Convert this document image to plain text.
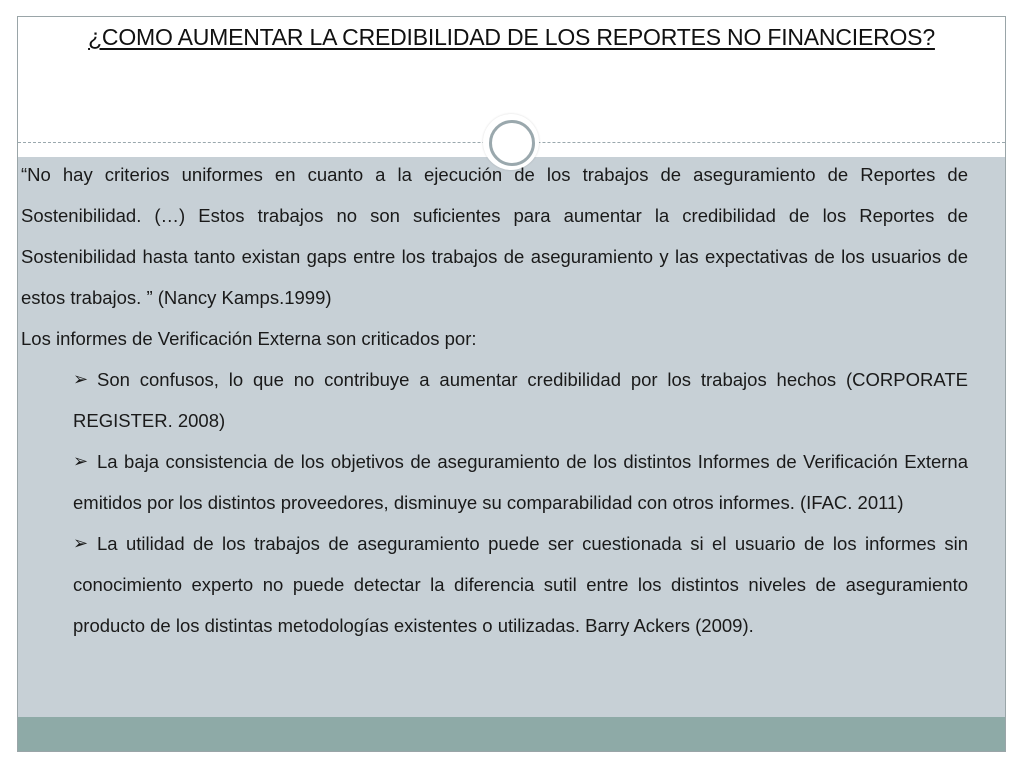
¿COMO AUMENTAR LA CREDIBILIDAD DE LOS REPORTES NO FINANCIEROS?

“No hay criterios uniformes en cuanto a la ejecución de los trabajos de aseguramiento de Reportes de Sostenibilidad. (…) Estos trabajos no son suficientes para aumentar la credibilidad de los Reportes de Sostenibilidad hasta tanto existan gaps entre los trabajos de aseguramiento y las expectativas de los usuarios de estos trabajos. ” (Nancy Kamps.1999)

Los informes de Verificación Externa son criticados por:

➢ Son confusos, lo que no contribuye a aumentar credibilidad por los trabajos hechos (CORPORATE REGISTER. 2008)
➢ La baja consistencia de los objetivos de aseguramiento de los distintos Informes de Verificación Externa emitidos por los distintos proveedores, disminuye su comparabilidad con otros informes. (IFAC. 2011)
➢ La utilidad de los trabajos de aseguramiento puede ser cuestionada si el usuario de los informes sin conocimiento experto no puede detectar la diferencia sutil entre los distintos niveles de aseguramiento producto de los distintas metodologías existentes o utilizadas. Barry Ackers (2009).
